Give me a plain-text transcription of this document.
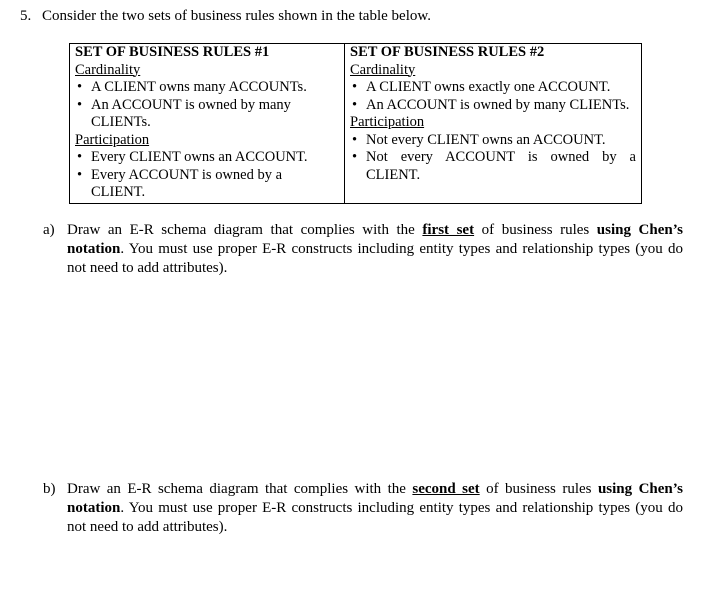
5. Consider the two sets of business rules shown in the table below.
SET OF BUSINESS RULES #1
Cardinality
• A CLIENT owns many ACCOUNTs.
• An ACCOUNT is owned by many CLIENTs.
Participation
• Every CLIENT owns an ACCOUNT.
• Every ACCOUNT is owned by a CLIENT.

SET OF BUSINESS RULES #2
Cardinality
• A CLIENT owns exactly one ACCOUNT.
• An ACCOUNT is owned by many CLIENTs.
Participation
• Not every CLIENT owns an ACCOUNT.
• Not every ACCOUNT is owned by a CLIENT.
a) Draw an E-R schema diagram that complies with the first set of business rules using Chen’s notation. You must use proper E-R constructs including entity types and relationship types (you do not need to add attributes).
b) Draw an E-R schema diagram that complies with the second set of business rules using Chen’s notation. You must use proper E-R constructs including entity types and relationship types (you do not need to add attributes).
